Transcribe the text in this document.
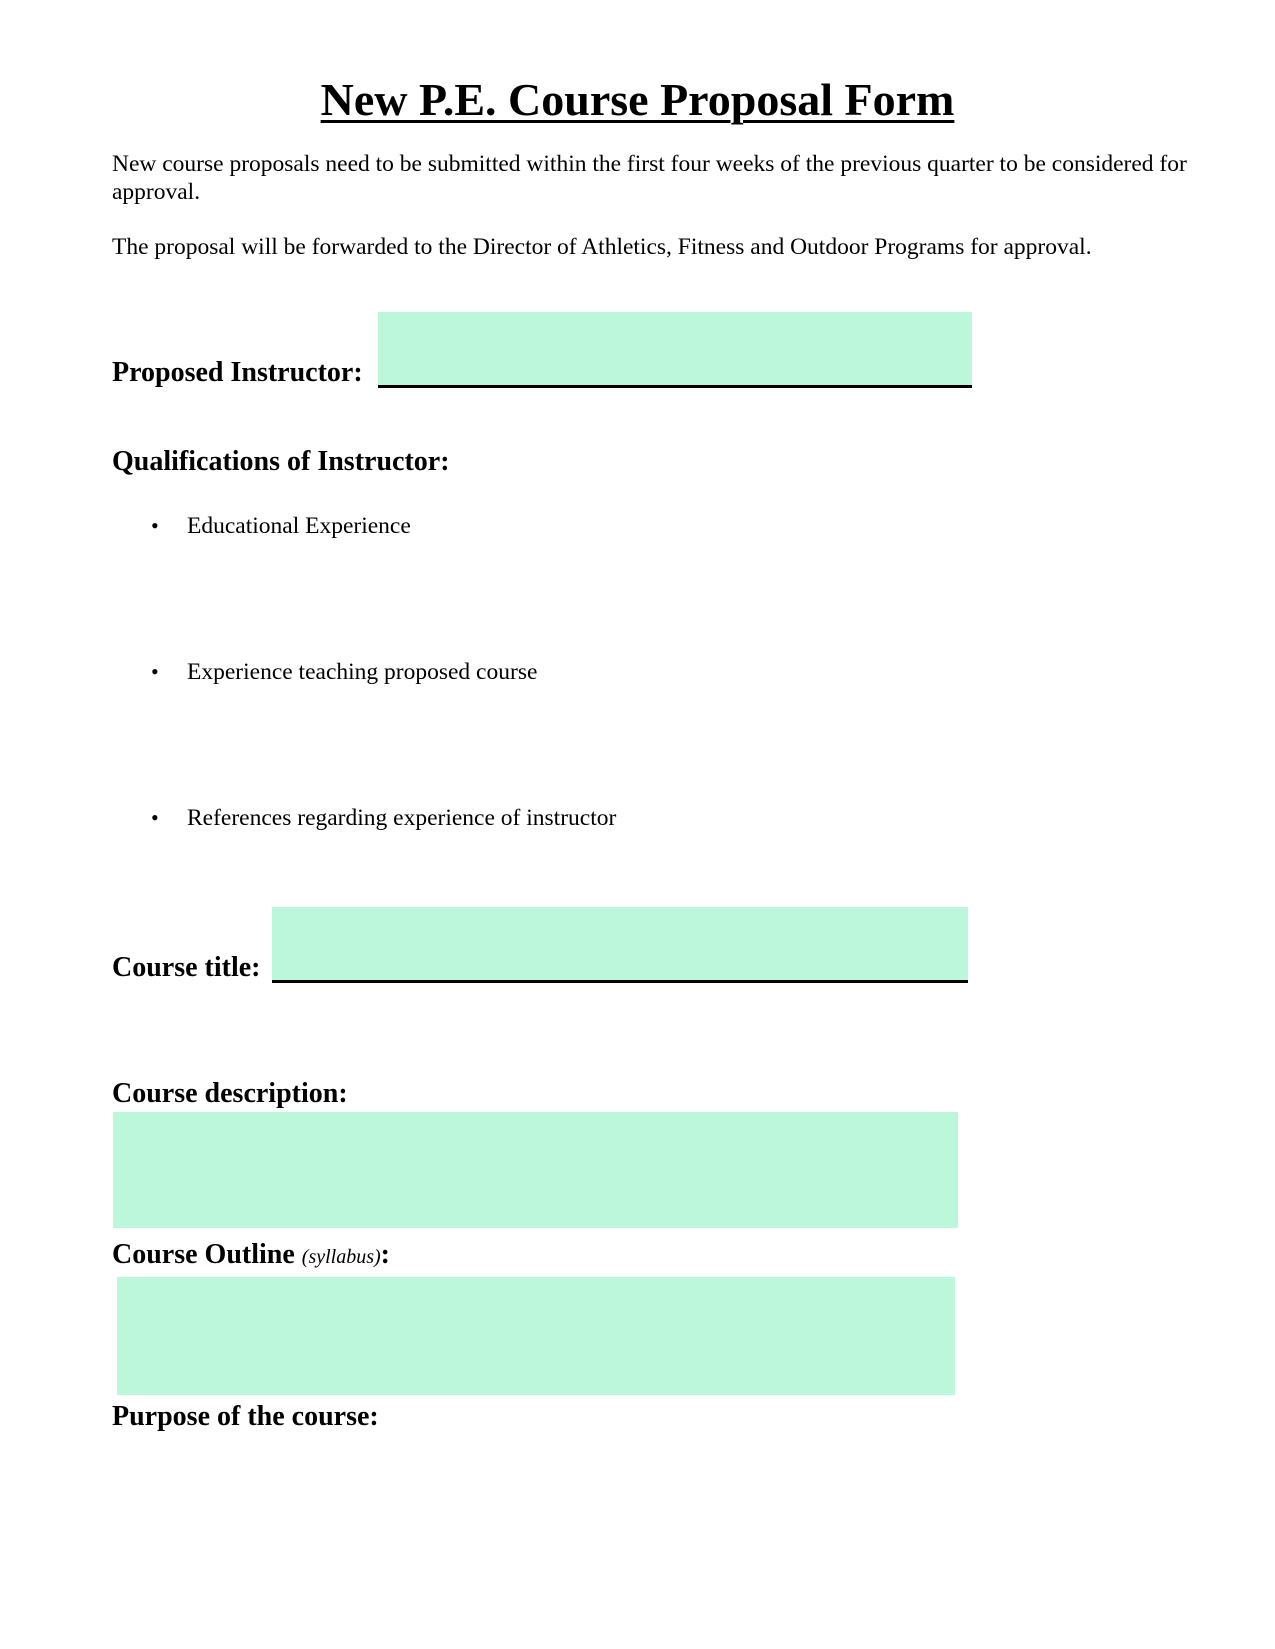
New P.E. Course Proposal Form

New course proposals need to be submitted within the first four weeks of the previous quarter to be considered for approval.

The proposal will be forwarded to the Director of Athletics, Fitness and Outdoor Programs for approval.

Proposed Instructor:
Qualifications of Instructor:
• Educational Experience
• Experience teaching proposed course
• References regarding experience of instructor
Course title:
Course description:
Course Outline (syllabus):
Purpose of the course:
